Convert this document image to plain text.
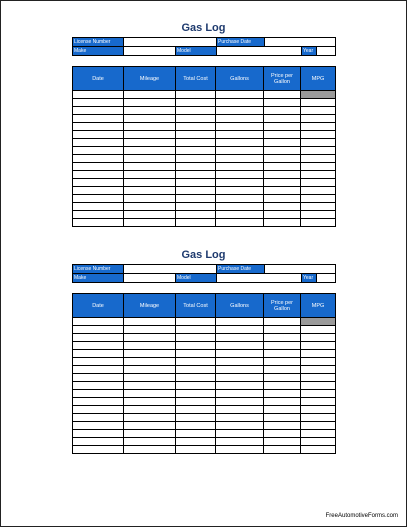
Gas Log
License Number			Purchase Date		
Make		Model			Year
Date	Mileage	Total Cost	Gallons	Price per Gallon	MPG

Gas Log
License Number			Purchase Date		
Make		Model			Year
Date	Mileage	Total Cost	Gallons	Price per Gallon	MPG

FreeAutomotiveForms.com
